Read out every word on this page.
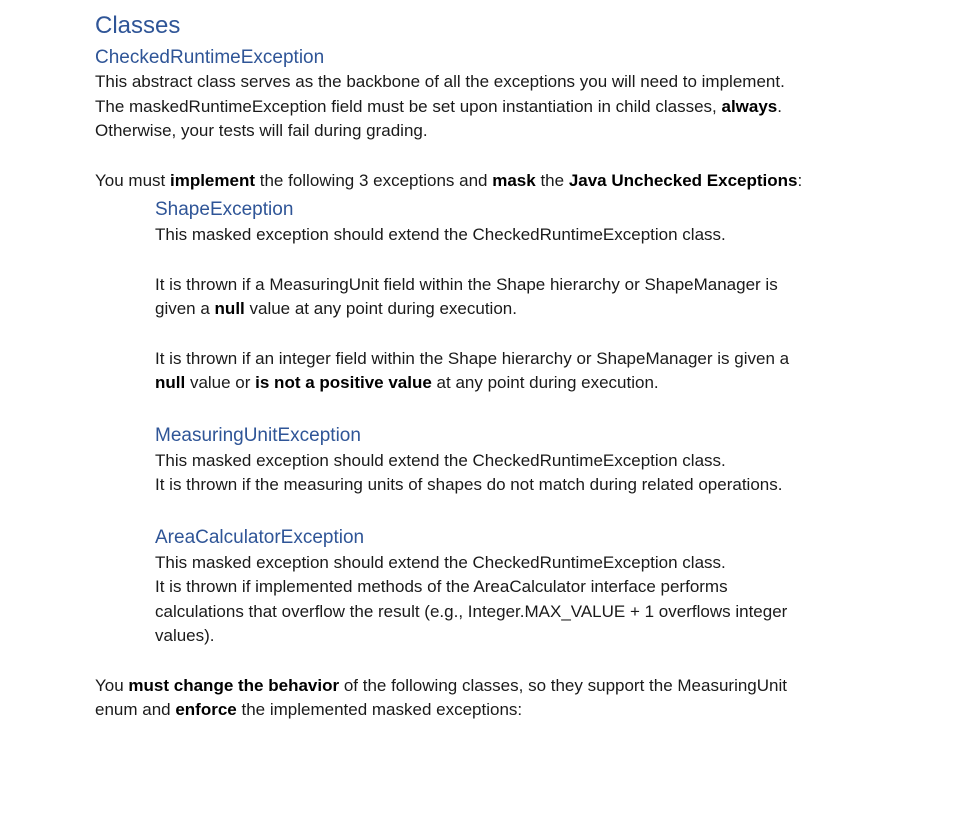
Classes
CheckedRuntimeException

This abstract class serves as the backbone of all the exceptions you will need to implement.

The maskedRuntimeException field must be set upon instantiation in child classes, always.

Otherwise, your tests will fail during grading.

You must implement the following 3 exceptions and mask the Java Unchecked Exceptions:

ShapeException

This masked exception should extend the CheckedRuntimeException class.

It is thrown if a MeasuringUnit field within the Shape hierarchy or ShapeManager is

given a null value at any point during execution.

It is thrown if an integer field within the Shape hierarchy or ShapeManager is given a

null value or is not a positive value at any point during execution.

MeasuringUnitException

This masked exception should extend the CheckedRuntimeException class.

It is thrown if the measuring units of shapes do not match during related operations.

AreaCalculatorException

This masked exception should extend the CheckedRuntimeException class.

It is thrown if implemented methods of the AreaCalculator interface performs

calculations that overflow the result (e.g., Integer.MAX_VALUE + 1 overflows integer

values).

You must change the behavior of the following classes, so they support the MeasuringUnit

enum and enforce the implemented masked exceptions:
